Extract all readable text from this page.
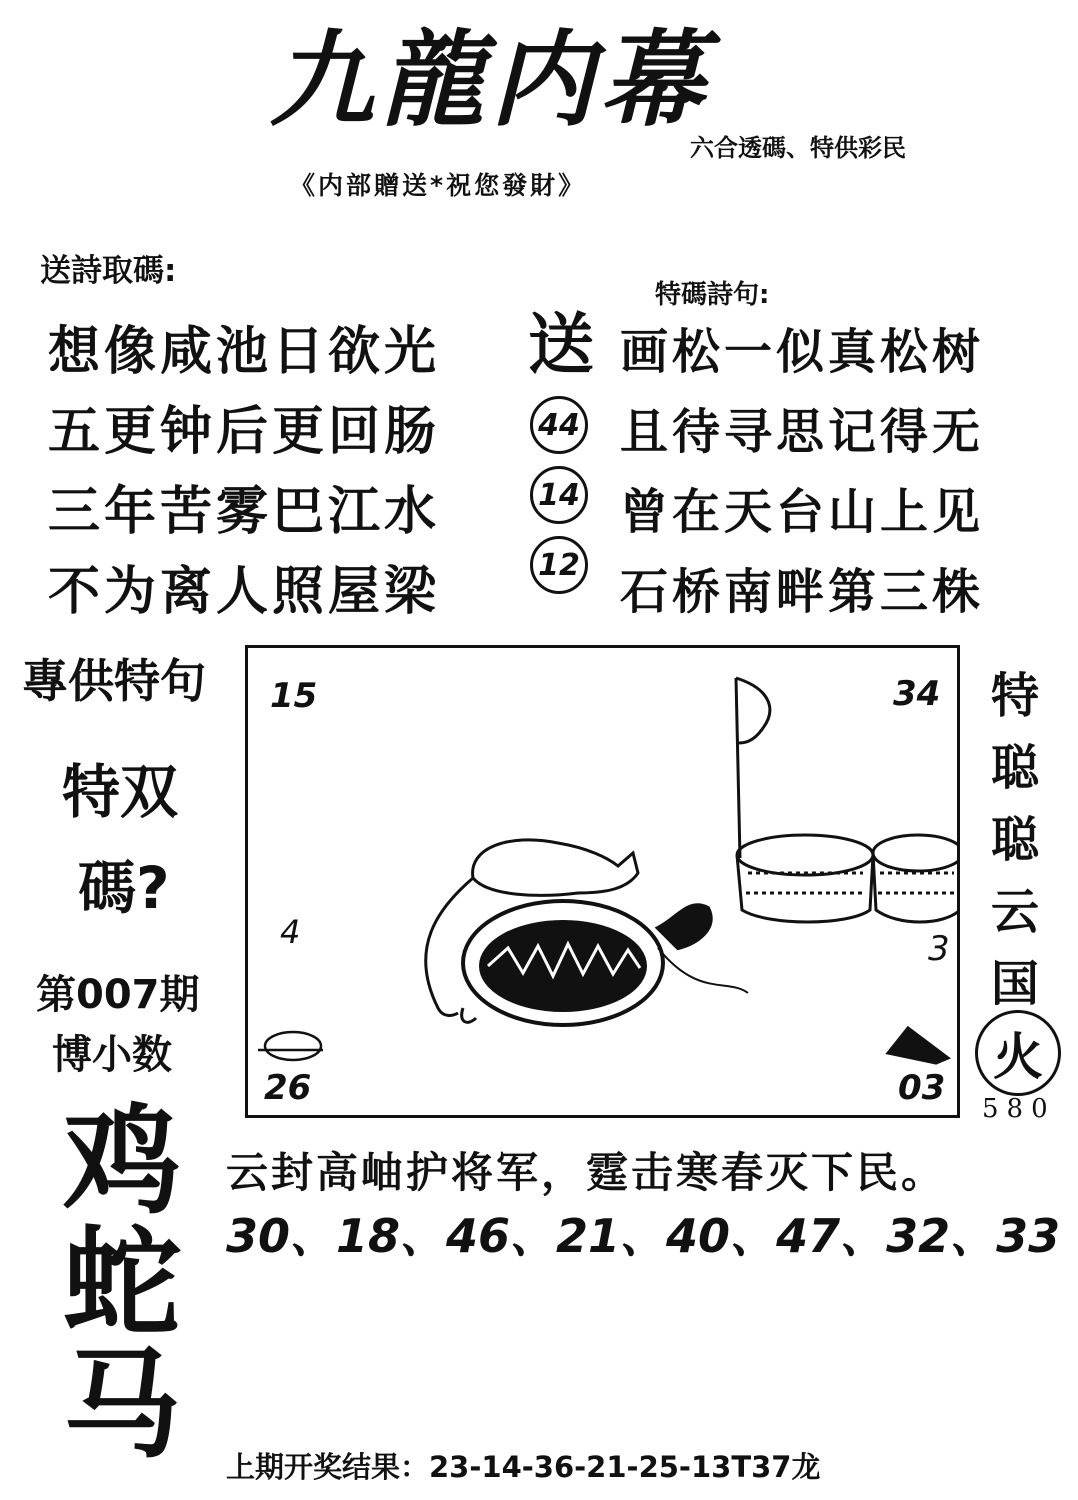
九龍内幕
六合透碼、特供彩民
《内部贈送*祝您發財》
送詩取碼:
特碼詩句:
想像咸池日欲光
五更钟后更回肠
三年苦雾巴江水
不为离人照屋梁
送
44
14
12
画松一似真松树
且待寻思记得无
曾在天台山上见
石桥南畔第三株
專供特句
特双
碼?
第007期
博小数
4	3
15	34
26	03
特
聪
聪
云
国
火
580
云封高岫护将军，霆击寒春灭下民。
30、18、46、21、40、47、32、33
鸡
蛇
马 上期开奖结果：23-14-36-21-25-13T37龙
